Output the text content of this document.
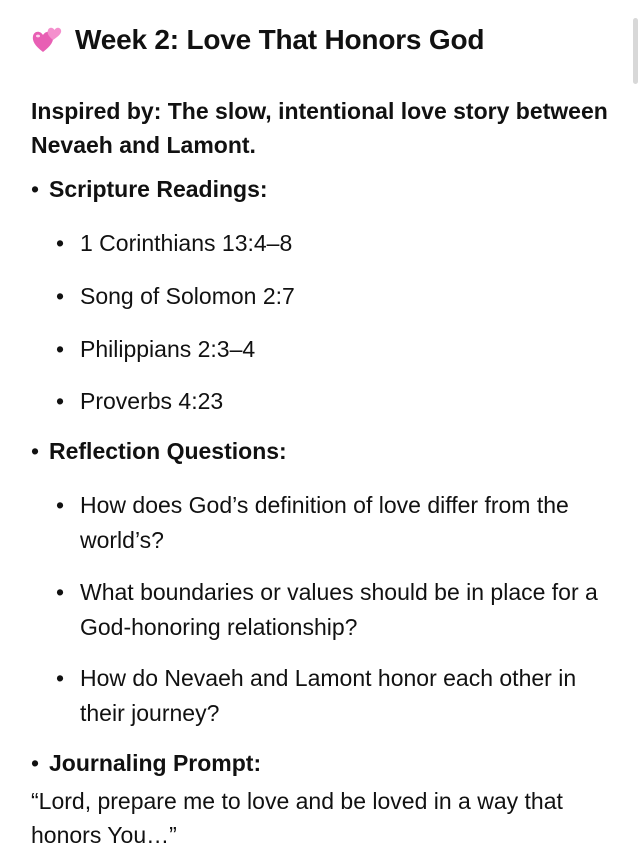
Week 2: Love That Honors God
Inspired by: The slow, intentional love story between Nevaeh and Lamont.
• Scripture Readings:
• 1 Corinthians 13:4–8
• Song of Solomon 2:7
• Philippians 2:3–4
• Proverbs 4:23
• Reflection Questions:
• How does God’s definition of love differ from the world’s?
• What boundaries or values should be in place for a God-honoring relationship?
• How do Nevaeh and Lamont honor each other in their journey?
• Journaling Prompt:
“Lord, prepare me to love and be loved in a way that honors You…”
